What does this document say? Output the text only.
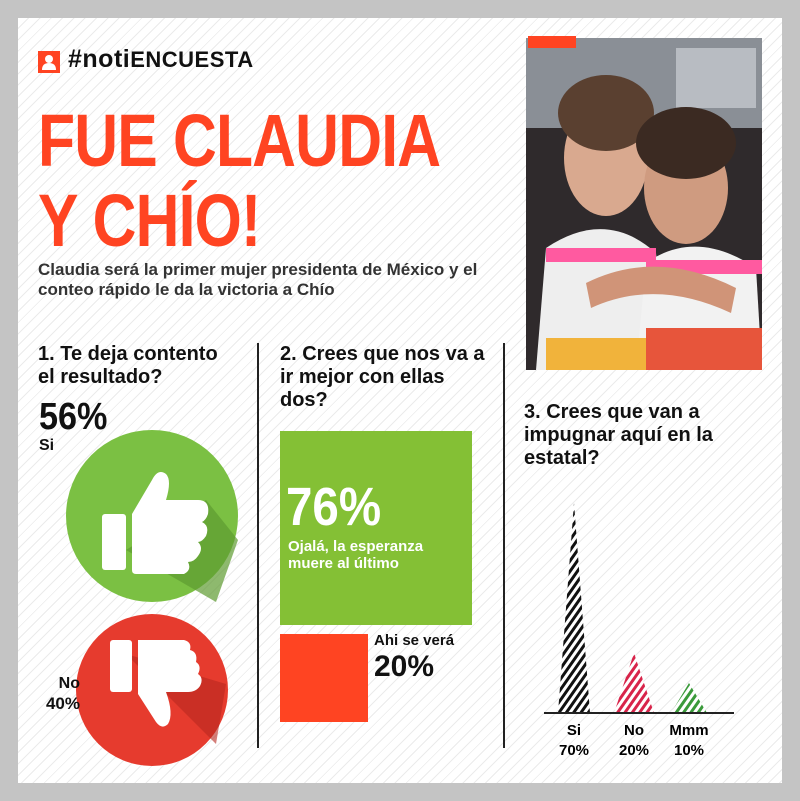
#notiENCUESTA
FUE CLAUDIA
Y CHÍO!
Claudia será la primer mujer presidenta de México y el conteo rápido le da la victoria a Chío
1. Te deja contento el resultado?
56%
Si
No
40%
2. Crees que nos va a ir mejor con ellas dos?
76%
Ojalá, la esperanza muere al último
Ahi se verá
20%
3. Crees que van a impugnar aquí en la estatal?
Si
70%
No
20%
Mmm
10%
